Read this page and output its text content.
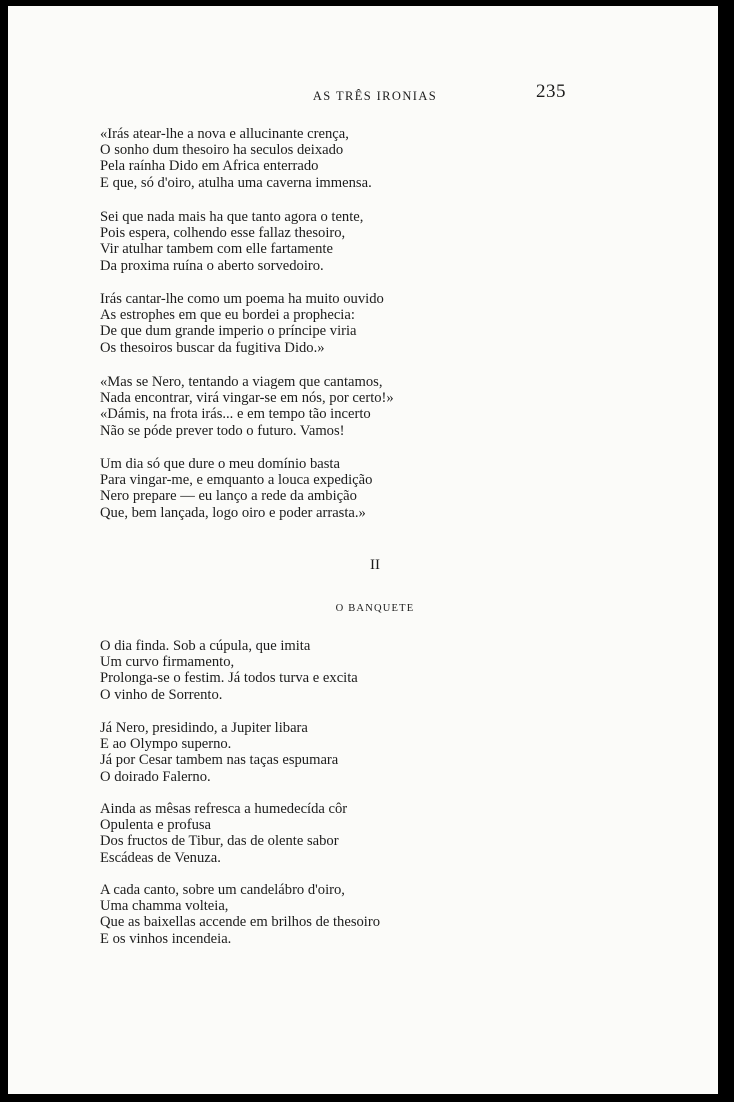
AS TRÊS IRONIAS	235

«Irás atear-lhe a nova e allucinante crença,
O sonho dum thesoiro ha seculos deixado
Pela raínha Dido em Africa enterrado
E que, só d'oiro, atulha uma caverna immensa.

Sei que nada mais ha que tanto agora o tente,
Pois espera, colhendo esse fallaz thesoiro,
Vir atulhar tambem com elle fartamente
Da proxima ruína o aberto sorvedoiro.

Irás cantar-lhe como um poema ha muito ouvido
As estrophes em que eu bordei a prophecia:
De que dum grande imperio o príncipe viria
Os thesoiros buscar da fugitiva Dido.»

«Mas se Nero, tentando a viagem que cantamos,
Nada encontrar, virá vingar-se em nós, por certo!»
«Dámis, na frota irás... e em tempo tão incerto
Não se póde prever todo o futuro. Vamos!

Um dia só que dure o meu domínio basta
Para vingar-me, e emquanto a louca expedição
Nero prepare — eu lanço a rede da ambição
Que, bem lançada, logo oiro e poder arrasta.»

II
O BANQUETE

O dia finda. Sob a cúpula, que imita
Um curvo firmamento,
Prolonga-se o festim. Já todos turva e excita
O vinho de Sorrento.

Já Nero, presidindo, a Jupiter libara
E ao Olympo superno.
Já por Cesar tambem nas taças espumara
O doirado Falerno.

Ainda as mêsas refresca a humedecída côr
Opulenta e profusa
Dos fructos de Tibur, das de olente sabor
Escádeas de Venuza.

A cada canto, sobre um candelábro d'oiro,
Uma chamma volteia,
Que as baixellas accende em brilhos de thesoiro
E os vinhos incendeia.
